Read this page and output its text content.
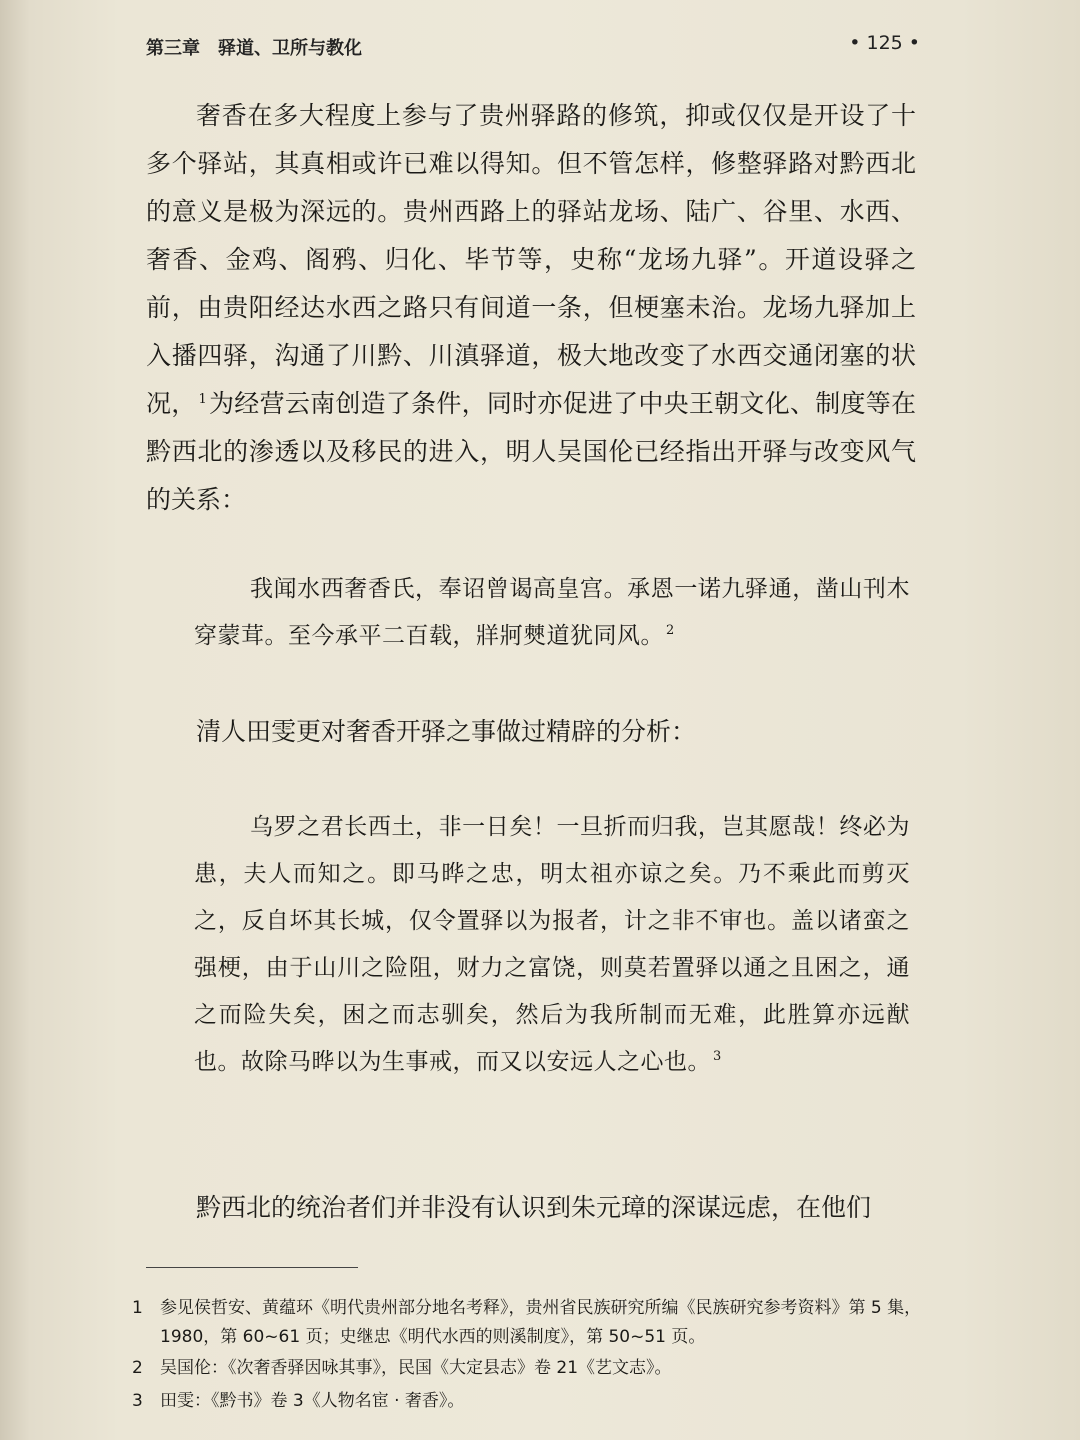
第三章　驿道、卫所与教化	• 125 •

奢香在多大程度上参与了贵州驿路的修筑，抑或仅仅是开设了十多个驿站，其真相或许已难以得知。但不管怎样，修整驿路对黔西北的意义是极为深远的。贵州西路上的驿站龙场、陆广、谷里、水西、奢香、金鸡、阁鸦、归化、毕节等，史称“龙场九驿”。开道设驿之前，由贵阳经达水西之路只有间道一条，但梗塞未治。龙场九驿加上入播四驿，沟通了川黔、川滇驿道，极大地改变了水西交通闭塞的状况， $^1$为经营云南创造了条件，同时亦促进了中央王朝文化、制度等在黔西北的渗透以及移民的进入，明人吴国伦已经指出开驿与改变风气的关系：

我闻水西奢香氏，奉诏曾谒高皇宫。承恩一诺九驿通，凿山刊木穿蒙茸。至今承平二百载，牂牁僰道犹同风。 $^2$

清人田雯更对奢香开驿之事做过精辟的分析：

乌罗之君长西土，非一日矣！一旦折而归我，岂其愿哉！终必为患，夫人而知之。即马晔之忠，明太祖亦谅之矣。乃不乘此而剪灭之，反自坏其长城，仅令置驿以为报者，计之非不审也。盖以诸蛮之强梗，由于山川之险阻，财力之富饶，则莫若置驿以通之且困之，通之而险失矣，困之而志驯矣，然后为我所制而无难，此胜算亦远猷也。故除马晔以为生事戒，而又以安远人之心也。 $^3$

黔西北的统治者们并非没有认识到朱元璋的深谋远虑，在他们

1 参见侯哲安、黄蕴环《明代贵州部分地名考释》，贵州省民族研究所编《民族研究参考资料》第 5 集，1980，第 60~61 页；史继忠《明代水西的则溪制度》，第 50~51 页。

2 吴国伦：《次奢香驿因咏其事》，民国《大定县志》卷 21《艺文志》。

3 田雯：《黔书》卷 3《人物名宦 · 奢香》。
